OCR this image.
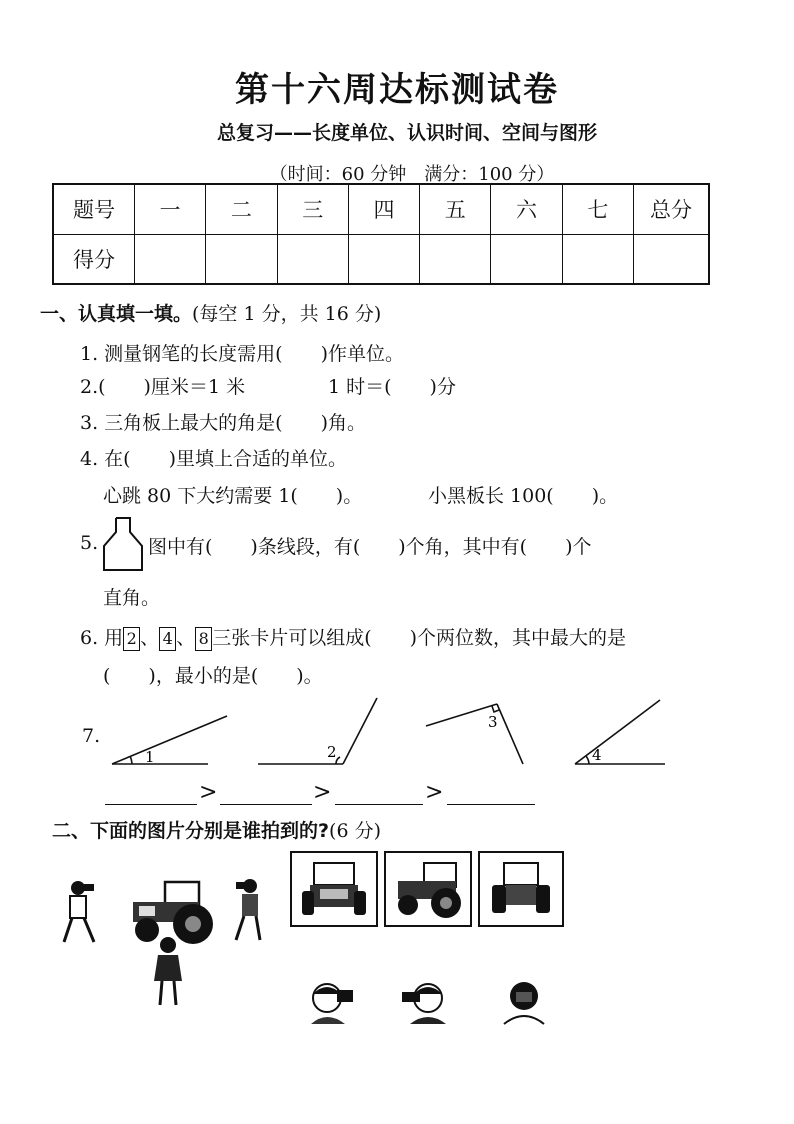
第十六周达标测试卷
总复习——长度单位、认识时间、空间与图形
（时间：60 分钟　满分：100 分）
题号	一	二	三	四	五	六	七	总分
得分								
一、认真填一填。(每空 1 分，共 16 分)
1. 测量钢笔的长度需用(　　)作单位。
2.(　　)厘米＝1 米	1 时＝(　　)分
3. 三角板上最大的角是(　　)角。
4. 在(　　)里填上合适的单位。
心跳 80 下大约需要 1(　　)。	小黑板长 100(　　)。
5.	图中有(　　)条线段，有(　　)个角，其中有(　　)个
直角。
6. 用 2 、 4 、 8 三张卡片可以组成(　　)个两位数，其中最大的是
(　　)，最小的是(　　)。
7.
1	2
3
4
>	>	>
二、下面的图片分别是谁拍到的?(6 分)
